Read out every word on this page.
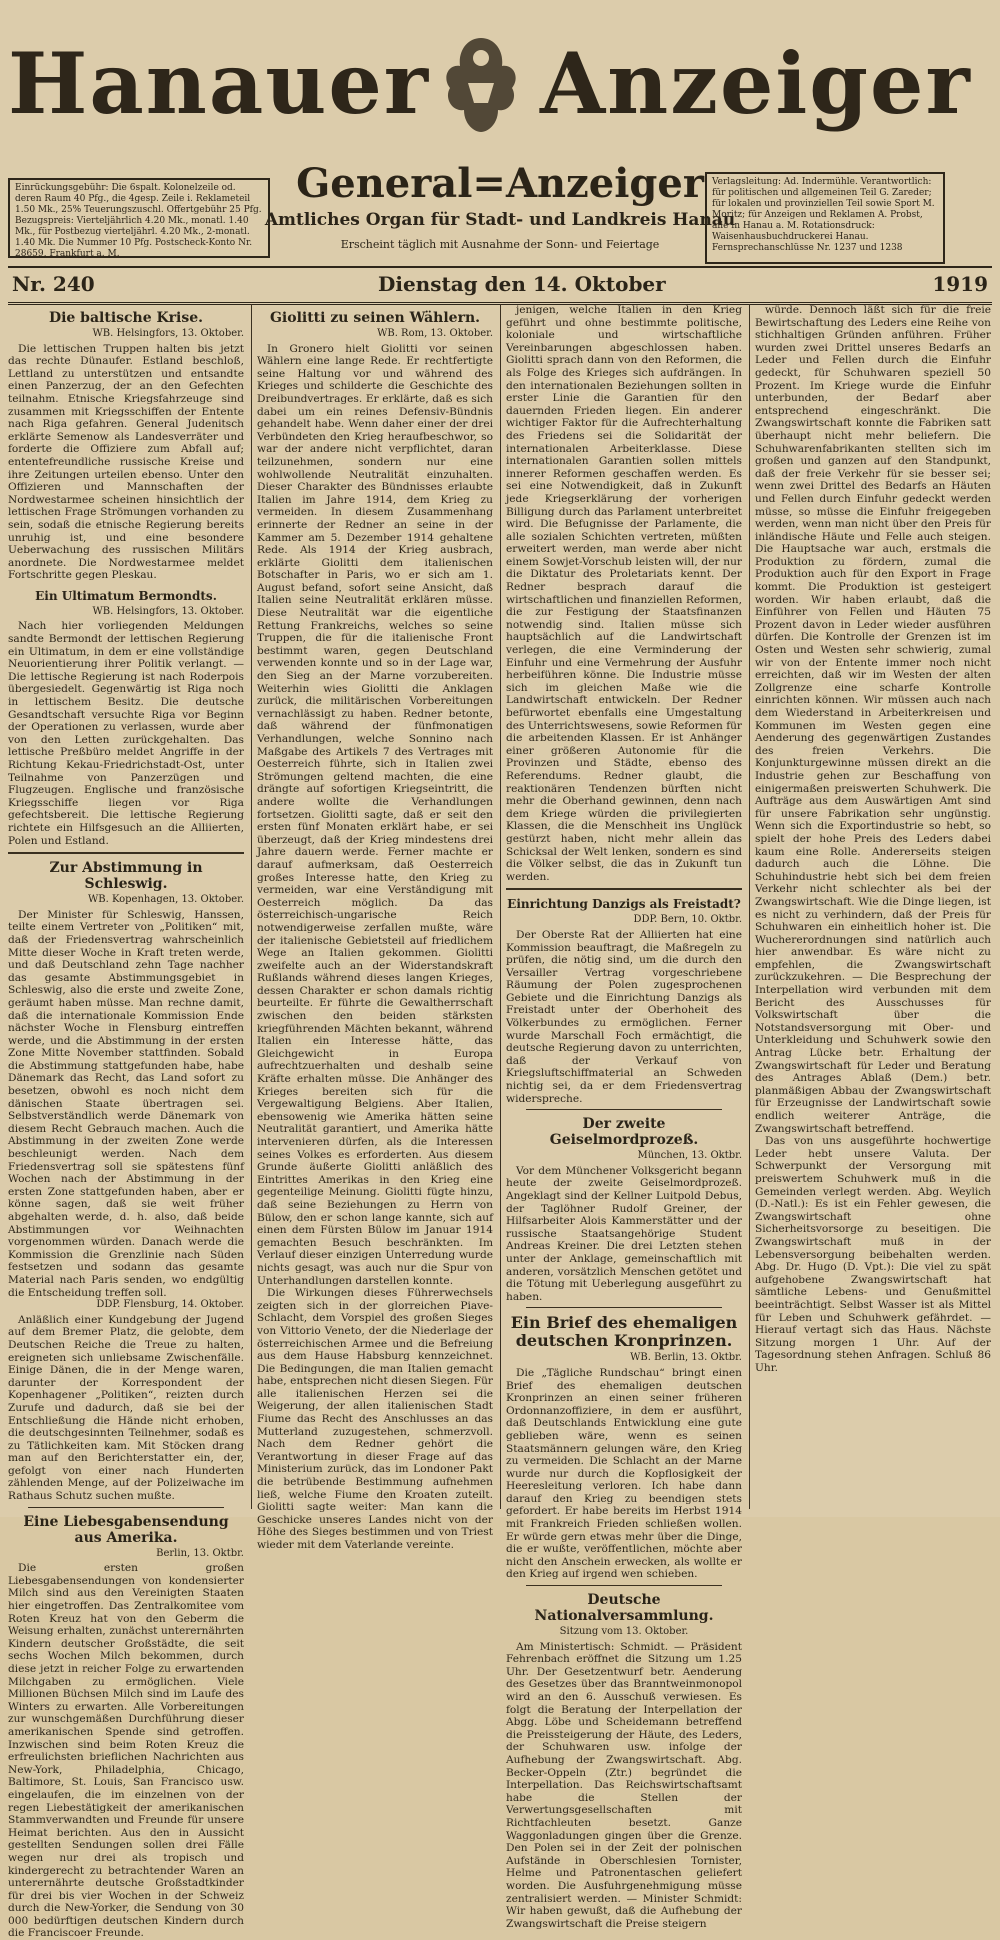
Hanauer Anzeiger
General=Anzeiger
Amtliches Organ für Stadt- und Landkreis Hanau
Erscheint täglich mit Ausnahme der Sonn- und Feiertage
Einrückungsgebühr: Die 6spalt. Kolonelzeile od. deren Raum 40 Pfg., die 4gesp. Zeile i. Reklameteil 1.50 Mk., 25% Teuerungszuschl. Offertgebühr 25 Pfg. Bezugspreis: Vierteljährlich 4.20 Mk., monatl. 1.40 Mk., für Postbezug vierteljährl. 4.20 Mk., 2-monatl. 1.40 Mk. Die Nummer 10 Pfg. Postscheck-Konto Nr. 28659, Frankfurt a. M.
Verlagsleitung: Ad. Indermühle. Verantwortlich: für politischen und allgemeinen Teil G. Zareder; für lokalen und provinziellen Teil sowie Sport M. Moritz; für Anzeigen und Reklamen A. Probst, alle in Hanau a. M. Rotationsdruck: Waisenhausbuchdruckerei Hanau. Fernsprechanschlüsse Nr. 1237 und 1238
Nr. 240	Dienstag den 14. Oktober	1919
Die baltische Krise.
WB. Helsingfors, 13. Oktober.

Die lettischen Truppen halten bis jetzt das rechte Dünaufer. Estland beschloß, Lettland zu unterstützen und entsandte einen Panzerzug, der an den Gefechten teilnahm. Etnische Kriegsfahrzeuge sind zusammen mit Kriegsschiffen der Entente nach Riga gefahren. General Judenitsch erklärte Semenow als Landesverräter und forderte die Offiziere zum Abfall auf; ententefreundliche russische Kreise und ihre Zeitungen urteilen ebenso. Unter den Offizieren und Mannschaften der Nordwestarmee scheinen hinsichtlich der lettischen Frage Strömungen vorhanden zu sein, sodaß die etnische Regierung bereits unruhig ist, und eine besondere Ueberwachung des russischen Militärs anordnete. Die Nordwestarmee meldet Fortschritte gegen Pleskau.

Ein Ultimatum Bermondts.
WB. Helsingfors, 13. Oktober.

Nach hier vorliegenden Meldungen sandte Bermondt der lettischen Regierung ein Ultimatum, in dem er eine vollständige Neuorientierung ihrer Politik verlangt. — Die lettische Regierung ist nach Roderpois übergesiedelt. Gegenwärtig ist Riga noch in lettischem Besitz. Die deutsche Gesandtschaft versuchte Riga vor Beginn der Operationen zu verlassen, wurde aber von den Letten zurückgehalten. Das lettische Preßbüro meldet Angriffe in der Richtung Kekau-Friedrichstadt-Ost, unter Teilnahme von Panzerzügen und Flugzeugen. Englische und französische Kriegsschiffe liegen vor Riga gefechtsbereit. Die lettische Regierung richtete ein Hilfsgesuch an die Alliierten, Polen und Estland.

Zur Abstimmung in Schleswig.
WB. Kopenhagen, 13. Oktober.

Der Minister für Schleswig, Hanssen, teilte einem Vertreter von „Politiken“ mit, daß der Friedensvertrag wahrscheinlich Mitte dieser Woche in Kraft treten werde, und daß Deutschland zehn Tage nachher das gesamte Abstimmungsgebiet in Schleswig, also die erste und zweite Zone, geräumt haben müsse. Man rechne damit, daß die internationale Kommission Ende nächster Woche in Flensburg eintreffen werde, und die Abstimmung in der ersten Zone Mitte November stattfinden. Sobald die Abstimmung stattgefunden habe, habe Dänemark das Recht, das Land sofort zu besetzen, obwohl es noch nicht dem dänischen Staate übertragen sei. Selbstverständlich werde Dänemark von diesem Recht Gebrauch machen. Auch die Abstimmung in der zweiten Zone werde beschleunigt werden. Nach dem Friedensvertrag soll sie spätestens fünf Wochen nach der Abstimmung in der ersten Zone stattgefunden haben, aber er könne sagen, daß sie weit früher abgehalten werde, d. h. also, daß beide Abstimmungen vor Weihnachten vorgenommen würden. Danach werde die Kommission die Grenzlinie nach Süden festsetzen und sodann das gesamte Material nach Paris senden, wo endgültig die Entscheidung treffen soll.

DDP. Flensburg, 14. Oktober.

Anläßlich einer Kundgebung der Jugend auf dem Bremer Platz, die gelobte, dem Deutschen Reiche die Treue zu halten, ereigneten sich unliebsame Zwischenfälle. Einige Dänen, die in der Menge waren, darunter der Korrespondent der Kopenhagener „Politiken“, reizten durch Zurufe und dadurch, daß sie bei der Entschließung die Hände nicht erhoben, die deutschgesinnten Teilnehmer, sodaß es zu Tätlichkeiten kam. Mit Stöcken drang man auf den Berichterstatter ein, der, gefolgt von einer nach Hunderten zählenden Menge, auf der Polizeiwache im Rathaus Schutz suchen mußte.

Eine Liebesgabensendung aus Amerika.
Berlin, 13. Oktbr.

Die ersten großen Liebesgabensendungen von kondensierter Milch sind aus den Vereinigten Staaten hier eingetroffen. Das Zentralkomitee vom Roten Kreuz hat von den Geberm die Weisung erhalten, zunächst unterernährten Kindern deutscher Großstädte, die seit sechs Wochen Milch bekommen, durch diese jetzt in reicher Folge zu erwartenden Milchgaben zu ermöglichen. Viele Millionen Büchsen Milch sind im Laufe des Winters zu erwarten. Alle Vorbereitungen zur wunschgemäßen Durchführung dieser amerikanischen Spende sind getroffen. Inzwischen sind beim Roten Kreuz die erfreulichsten brieflichen Nachrichten aus New-York, Philadelphia, Chicago, Baltimore, St. Louis, San Francisco usw. eingelaufen, die im einzelnen von der regen Liebestätigkeit der amerikanischen Stammverwandten und Freunde für unsere Heimat berichten. Aus den in Aussicht gestellten Sendungen sollen drei Fälle wegen nur drei als tropisch und kindergerecht zu betrachtender Waren an unterernährte deutsche Großstadtkinder für drei bis vier Wochen in der Schweiz durch die New-Yorker, die Sendung von 30 000 bedürftigen deutschen Kindern durch die Franciscoer Freunde.

Giolitti zu seinen Wählern.
WB. Rom, 13. Oktober.

In Gronero hielt Giolitti vor seinen Wählern eine lange Rede. Er rechtfertigte seine Haltung vor und während des Krieges und schilderte die Geschichte des Dreibundvertrages. Er erklärte, daß es sich dabei um ein reines Defensiv-Bündnis gehandelt habe. Wenn daher einer der drei Verbündeten den Krieg heraufbeschwor, so war der andere nicht verpflichtet, daran teilzunehmen, sondern nur eine wohlwollende Neutralität einzuhalten. Dieser Charakter des Bündnisses erlaubte Italien im Jahre 1914, dem Krieg zu vermeiden. In diesem Zusammenhang erinnerte der Redner an seine in der Kammer am 5. Dezember 1914 gehaltene Rede. Als 1914 der Krieg ausbrach, erklärte Giolitti dem italienischen Botschafter in Paris, wo er sich am 1. August befand, sofort seine Ansicht, daß Italien seine Neutralität erklären müsse. Diese Neutralität war die eigentliche Rettung Frankreichs, welches so seine Truppen, die für die italienische Front bestimmt waren, gegen Deutschland verwenden konnte und so in der Lage war, den Sieg an der Marne vorzubereiten. Weiterhin wies Giolitti die Anklagen zurück, die militärischen Vorbereitungen vernachlässigt zu haben. Redner betonte, daß während der fünfmonatigen Verhandlungen, welche Sonnino nach Maßgabe des Artikels 7 des Vertrages mit Oesterreich führte, sich in Italien zwei Strömungen geltend machten, die eine drängte auf sofortigen Kriegseintritt, die andere wollte die Verhandlungen fortsetzen. Giolitti sagte, daß er seit den ersten fünf Monaten erklärt habe, er sei überzeugt, daß der Krieg mindestens drei Jahre dauern werde. Ferner machte er darauf aufmerksam, daß Oesterreich großes Interesse hatte, den Krieg zu vermeiden, war eine Verständigung mit Oesterreich möglich. Da das österreichisch-ungarische Reich notwendigerweise zerfallen mußte, wäre der italienische Gebietsteil auf friedlichem Wege an Italien gekommen. Giolitti zweifelte auch an der Widerstandskraft Rußlands während dieses langen Krieges, dessen Charakter er schon damals richtig beurteilte. Er führte die Gewaltherrschaft zwischen den beiden stärksten kriegführenden Mächten bekannt, während Italien ein Interesse hätte, das Gleichgewicht in Europa aufrechtzuerhalten und deshalb seine Kräfte erhalten müsse. Die Anhänger des Krieges bereiten sich für die Vergewaltigung Belgiens. Aber Italien, ebensowenig wie Amerika hätten seine Neutralität garantiert, und Amerika hätte intervenieren dürfen, als die Interessen seines Volkes es erforderten. Aus diesem Grunde äußerte Giolitti anläßlich des Eintrittes Amerikas in den Krieg eine gegenteilige Meinung. Giolitti fügte hinzu, daß seine Beziehungen zu Herrn von Bülow, den er schon lange kannte, sich auf einen dem Fürsten Bülow im Januar 1914 gemachten Besuch beschränkten. Im Verlauf dieser einzigen Unterredung wurde nichts gesagt, was auch nur die Spur von Unterhandlungen darstellen konnte.

Die Wirkungen dieses Führerwechsels zeigten sich in der glorreichen Piave-Schlacht, dem Vorspiel des großen Sieges von Vittorio Veneto, der die Niederlage der österreichischen Armee und die Befreiung aus dem Hause Habsburg kennzeichnet. Die Bedingungen, die man Italien gemacht habe, entsprechen nicht diesen Siegen. Für alle italienischen Herzen sei die Weigerung, der allen italienischen Stadt Fiume das Recht des Anschlusses an das Mutterland zuzugestehen, schmerzvoll. Nach dem Redner gehört die Verantwortung in dieser Frage auf das Ministerium zurück, das im Londoner Pakt die betrübende Bestimmung aufnehmen ließ, welche Fiume den Kroaten zuteilt. Giolitti sagte weiter: Man kann die Geschicke unseres Landes nicht von der Höhe des Sieges bestimmen und von Triest wieder mit dem Vaterlande vereinte.

jenigen, welche Italien in den Krieg geführt und ohne bestimmte politische, koloniale und wirtschaftliche Vereinbarungen abgeschlossen haben. Giolitti sprach dann von den Reformen, die als Folge des Krieges sich aufdrängen. In den internationalen Beziehungen sollten in erster Linie die Garantien für den dauernden Frieden liegen. Ein anderer wichtiger Faktor für die Aufrechterhaltung des Friedens sei die Solidarität der internationalen Arbeiterklasse. Diese internationalen Garantien sollen mittels innerer Reformen geschaffen werden. Es sei eine Notwendigkeit, daß in Zukunft jede Kriegserklärung der vorherigen Billigung durch das Parlament unterbreitet wird. Die Befugnisse der Parlamente, die alle sozialen Schichten vertreten, müßten erweitert werden, man werde aber nicht einem Sowjet-Vorschub leisten will, der nur die Diktatur des Proletariats kennt. Der Redner besprach darauf die wirtschaftlichen und finanziellen Reformen, die zur Festigung der Staatsfinanzen notwendig sind. Italien müsse sich hauptsächlich auf die Landwirtschaft verlegen, die eine Verminderung der Einfuhr und eine Vermehrung der Ausfuhr herbeiführen könne. Die Industrie müsse sich im gleichen Maße wie die Landwirtschaft entwickeln. Der Redner befürwortet ebenfalls eine Umgestaltung des Unterrichtswesens, sowie Reformen für die arbeitenden Klassen. Er ist Anhänger einer größeren Autonomie für die Provinzen und Städte, ebenso des Referendums. Redner glaubt, die reaktionären Tendenzen bürften nicht mehr die Oberhand gewinnen, denn nach dem Kriege würden die privilegierten Klassen, die die Menschheit ins Unglück gestürzt haben, nicht mehr allein das Schicksal der Welt lenken, sondern es sind die Völker selbst, die das in Zukunft tun werden.

Einrichtung Danzigs als Freistadt?
DDP. Bern, 10. Oktbr.

Der Oberste Rat der Alliierten hat eine Kommission beauftragt, die Maßregeln zu prüfen, die nötig sind, um die durch den Versailler Vertrag vorgeschriebene Räumung der Polen zugesprochenen Gebiete und die Einrichtung Danzigs als Freistadt unter der Oberhoheit des Völkerbundes zu ermöglichen. Ferner wurde Marschall Foch ermächtigt, die deutsche Regierung davon zu unterrichten, daß der Verkauf von Kriegsluftschiffmaterial an Schweden nichtig sei, da er dem Friedensvertrag widerspreche.

Der zweite Geiselmordprozeß.
München, 13. Oktbr.

Vor dem Münchener Volksgericht begann heute der zweite Geiselmordprozeß. Angeklagt sind der Kellner Luitpold Debus, der Taglöhner Rudolf Greiner, der Hilfsarbeiter Alois Kammerstätter und der russische Staatsangehörige Student Andreas Kreiner. Die drei Letzten stehen unter der Anklage, gemeinschaftlich mit anderen, vorsätzlich Menschen getötet und die Tötung mit Ueberlegung ausgeführt zu haben.

Ein Brief des ehemaligen deutschen Kronprinzen.
WB. Berlin, 13. Oktbr.

Die „Tägliche Rundschau“ bringt einen Brief des ehemaligen deutschen Kronprinzen an einen seiner früheren Ordonnanzoffiziere, in dem er ausführt, daß Deutschlands Entwicklung eine gute geblieben wäre, wenn es seinen Staatsmännern gelungen wäre, den Krieg zu vermeiden. Die Schlacht an der Marne wurde nur durch die Kopflosigkeit der Heeresleitung verloren. Ich habe dann darauf den Krieg zu beendigen stets gefordert. Er habe bereits im Herbst 1914 mit Frankreich Frieden schließen wollen. Er würde gern etwas mehr über die Dinge, die er wußte, veröffentlichen, möchte aber nicht den Anschein erwecken, als wollte er den Krieg auf irgend wen schieben.

Deutsche Nationalversammlung.
Sitzung vom 13. Oktober.

Am Ministertisch: Schmidt. — Präsident Fehrenbach eröffnet die Sitzung um 1.25 Uhr. Der Gesetzentwurf betr. Aenderung des Gesetzes über das Branntweinmonopol wird an den 6. Ausschuß verwiesen. Es folgt die Beratung der Interpellation der Abgg. Löbe und Scheidemann betreffend die Preissteigerung der Häute, des Leders, der Schuhwaren usw. infolge der Aufhebung der Zwangswirtschaft. Abg. Becker-Oppeln (Ztr.) begründet die Interpellation. Das Reichswirtschaftsamt habe die Stellen der Verwertungsgesellschaften mit Richtfachleuten besetzt. Ganze Waggonladungen gingen über die Grenze. Den Polen sei in der Zeit der polnischen Aufstände in Oberschlesien Tornister, Helme und Patronentaschen geliefert worden. Die Ausfuhrgenehmigung müsse zentralisiert werden. — Minister Schmidt: Wir haben gewußt, daß die Aufhebung der Zwangswirtschaft die Preise steigern

würde. Dennoch läßt sich für die freie Bewirtschaftung des Leders eine Reihe von stichhaltigen Gründen anführen. Früher wurden zwei Drittel unseres Bedarfs an Leder und Fellen durch die Einfuhr gedeckt, für Schuhwaren speziell 50 Prozent. Im Kriege wurde die Einfuhr unterbunden, der Bedarf aber entsprechend eingeschränkt. Die Zwangswirtschaft konnte die Fabriken satt überhaupt nicht mehr beliefern. Die Schuhwarenfabrikanten stellten sich im großen und ganzen auf den Standpunkt, daß der freie Verkehr für sie besser sei; wenn zwei Drittel des Bedarfs an Häuten und Fellen durch Einfuhr gedeckt werden müsse, so müsse die Einfuhr freigegeben werden, wenn man nicht über den Preis für inländische Häute und Felle auch steigen. Die Hauptsache war auch, erstmals die Produktion zu fördern, zumal die Produktion auch für den Export in Frage kommt. Die Produktion ist gesteigert worden. Wir haben erlaubt, daß die Einführer von Fellen und Häuten 75 Prozent davon in Leder wieder ausführen dürfen. Die Kontrolle der Grenzen ist im Osten und Westen sehr schwierig, zumal wir von der Entente immer noch nicht erreichten, daß wir im Westen der alten Zollgrenze eine scharfe Kontrolle einrichten können. Wir müssen auch nach dem Wiederstand in Arbeiterkreisen und Kommunen im Westen gegen eine Aenderung des gegenwärtigen Zustandes des freien Verkehrs. Die Konjunkturgewinne müssen direkt an die Industrie gehen zur Beschaffung von einigermaßen preiswerten Schuhwerk. Die Aufträge aus dem Auswärtigen Amt sind für unsere Fabrikation sehr ungünstig. Wenn sich die Exportindustrie so hebt, so spielt der hohe Preis des Leders dabei kaum eine Rolle. Andererseits steigen dadurch auch die Löhne. Die Schuhindustrie hebt sich bei dem freien Verkehr nicht schlechter als bei der Zwangswirtschaft. Wie die Dinge liegen, ist es nicht zu verhindern, daß der Preis für Schuhwaren ein einheitlich hoher ist. Die Wuchererordnungen sind natürlich auch hier anwendbar. Es wäre nicht zu empfehlen, die Zwangswirtschaft zurückzukehren. — Die Besprechung der Interpellation wird verbunden mit dem Bericht des Ausschusses für Volkswirtschaft über die Notstandsversorgung mit Ober- und Unterkleidung und Schuhwerk sowie den Antrag Lücke betr. Erhaltung der Zwangswirtschaft für Leder und Beratung des Antrages Ablaß (Dem.) betr. planmäßigen Abbau der Zwangswirtschaft für Erzeugnisse der Landwirtschaft sowie endlich weiterer Anträge, die Zwangswirtschaft betreffend.

Das von uns ausgeführte hochwertige Leder hebt unsere Valuta. Der Schwerpunkt der Versorgung mit preiswertem Schuhwerk muß in die Gemeinden verlegt werden. Abg. Weylich (D.-Natl.): Es ist ein Fehler gewesen, die Zwangswirtschaft ohne Sicherheitsvorsorge zu beseitigen. Die Zwangswirtschaft muß in der Lebensversorgung beibehalten werden. Abg. Dr. Hugo (D. Vpt.): Die viel zu spät aufgehobene Zwangswirtschaft hat sämtliche Lebens- und Genußmittel beeinträchtigt. Selbst Wasser ist als Mittel für Leben und Schuhwerk gefährdet. — Hierauf vertagt sich das Haus. Nächste Sitzung morgen 1 Uhr. Auf der Tagesordnung stehen Anfragen. Schluß 86 Uhr.
